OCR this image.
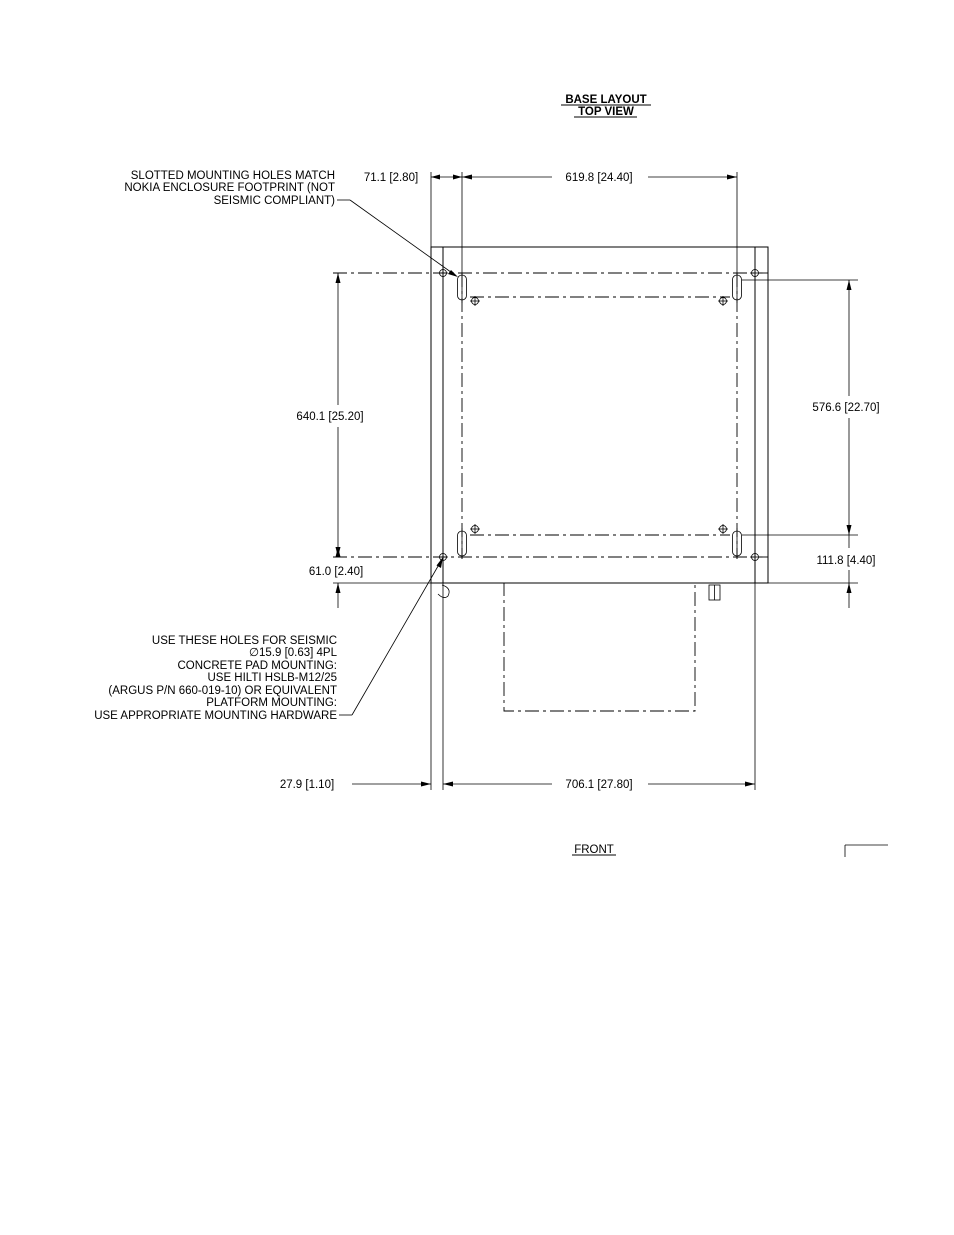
BASE LAYOUT
TOP VIEW
71.1 [2.80]	619.8 [24.40]
640.1 [25.20]
576.6 [22.70]
61.0 [2.40]
111.8 [4.40]
27.9 [1.10]	706.1 [27.80]
SLOTTED MOUNTING HOLES MATCH
NOKIA ENCLOSURE FOOTPRINT (NOT
SEISMIC COMPLIANT)
USE THESE HOLES FOR SEISMIC
∅15.9 [0.63] 4PL
CONCRETE PAD MOUNTING:
USE HILTI HSLB-M12/25
(ARGUS P/N 660-019-10) OR EQUIVALENT
PLATFORM MOUNTING:
USE APPROPRIATE MOUNTING HARDWARE
FRONT
